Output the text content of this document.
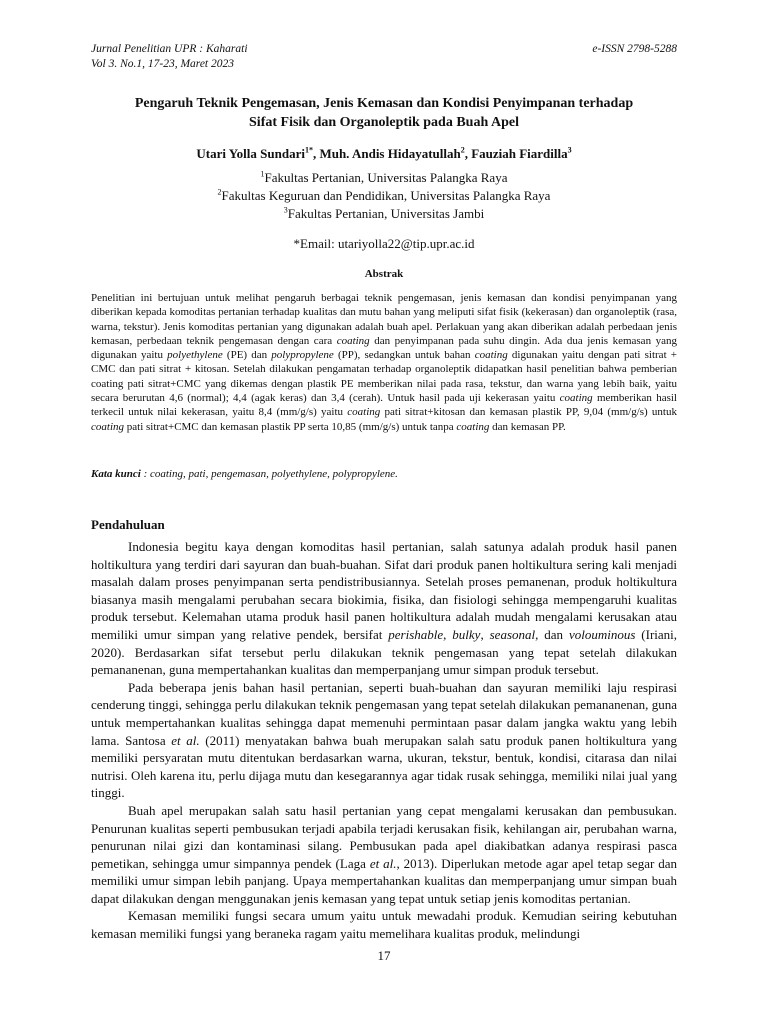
Jurnal Penelitian UPR : Kaharati
Vol 3. No.1, 17-23, Maret 2023
e-ISSN 2798-5288
Pengaruh Teknik Pengemasan, Jenis Kemasan dan Kondisi Penyimpanan terhadap
Sifat Fisik dan Organoleptik pada Buah Apel
Utari Yolla Sundari$^{1*}$, Muh. Andis Hidayatullah$^2$, Fauziah Fiardilla$^3$
$^1$Fakultas Pertanian, Universitas Palangka Raya
$^2$Fakultas Keguruan dan Pendidikan, Universitas Palangka Raya
$^3$Fakultas Pertanian, Universitas Jambi
*Email: utariyolla22@tip.upr.ac.id
Abstrak

Penelitian ini bertujuan untuk melihat pengaruh berbagai teknik pengemasan, jenis kemasan dan kondisi penyimpanan yang diberikan kepada komoditas pertanian terhadap kualitas dan mutu bahan yang meliputi sifat fisik (kekerasan) dan organoleptik (rasa, warna, tekstur). Jenis komoditas pertanian yang digunakan adalah buah apel. Perlakuan yang akan diberikan adalah perbedaan jenis kemasan, perbedaan teknik pengemasan dengan cara coating dan penyimpanan pada suhu dingin. Ada dua jenis kemasan yang digunakan yaitu polyethylene (PE) dan polypropylene (PP), sedangkan untuk bahan coating digunakan yaitu dengan pati sitrat + CMC dan pati sitrat + kitosan. Setelah dilakukan pengamatan terhadap organoleptik didapatkan hasil penelitian bahwa pemberian coating pati sitrat+CMC yang dikemas dengan plastik PE memberikan nilai pada rasa, tekstur, dan warna yang lebih baik, yaitu secara berurutan 4,6 (normal); 4,4 (agak keras) dan 3,4 (cerah). Untuk hasil pada uji kekerasan yaitu coating memberikan hasil terkecil untuk nilai kekerasan, yaitu 8,4 (mm/g/s) yaitu coating pati sitrat+kitosan dan kemasan plastik PP, 9,04 (mm/g/s) untuk coating pati sitrat+CMC dan kemasan plastik PP serta 10,85 (mm/g/s) untuk tanpa coating dan kemasan PP.

Kata kunci : coating, pati, pengemasan, polyethylene, polypropylene.
Pendahuluan

Indonesia begitu kaya dengan komoditas hasil pertanian, salah satunya adalah produk hasil panen holtikultura yang terdiri dari sayuran dan buah-buahan. Sifat dari produk panen holtikultura sering kali menjadi masalah dalam proses penyimpanan serta pendistribusiannya. Setelah proses pemanenan, produk holtikultura biasanya masih mengalami perubahan secara biokimia, fisika, dan fisiologi sehingga mempengaruhi kualitas produk tersebut. Kelemahan utama produk hasil panen holtikultura adalah mudah mengalami kerusakan atau memiliki umur simpan yang relative pendek, bersifat perishable, bulky, seasonal, dan volouminous (Iriani, 2020). Berdasarkan sifat tersebut perlu dilakukan teknik pengemasan yang tepat setelah dilakukan pemananenan, guna mempertahankan kualitas dan memperpanjang umur simpan produk tersebut.

Pada beberapa jenis bahan hasil pertanian, seperti buah-buahan dan sayuran memiliki laju respirasi cenderung tinggi, sehingga perlu dilakukan teknik pengemasan yang tepat setelah dilakukan pemananenan, guna untuk mempertahankan kualitas sehingga dapat memenuhi permintaan pasar dalam jangka waktu yang lebih lama. Santosa et al. (2011) menyatakan bahwa buah merupakan salah satu produk panen holtikultura yang memiliki persyaratan mutu ditentukan berdasarkan warna, ukuran, tekstur, bentuk, kondisi, citarasa dan nilai nutrisi. Oleh karena itu, perlu dijaga mutu dan kesegarannya agar tidak rusak sehingga, memiliki nilai jual yang tinggi.

Buah apel merupakan salah satu hasil pertanian yang cepat mengalami kerusakan dan pembusukan. Penurunan kualitas seperti pembusukan terjadi apabila terjadi kerusakan fisik, kehilangan air, perubahan warna, penurunan nilai gizi dan kontaminasi silang. Pembusukan pada apel diakibatkan adanya respirasi pasca pemetikan, sehingga umur simpannya pendek (Laga et al., 2013). Diperlukan metode agar apel tetap segar dan memiliki umur simpan lebih panjang. Upaya mempertahankan kualitas dan memperpanjang umur simpan buah dapat dilakukan dengan menggunakan jenis kemasan yang tepat untuk setiap jenis komoditas pertanian.

Kemasan memiliki fungsi secara umum yaitu untuk mewadahi produk. Kemudian seiring kebutuhan kemasan memiliki fungsi yang beraneka ragam yaitu memelihara kualitas produk, melindungi

17
